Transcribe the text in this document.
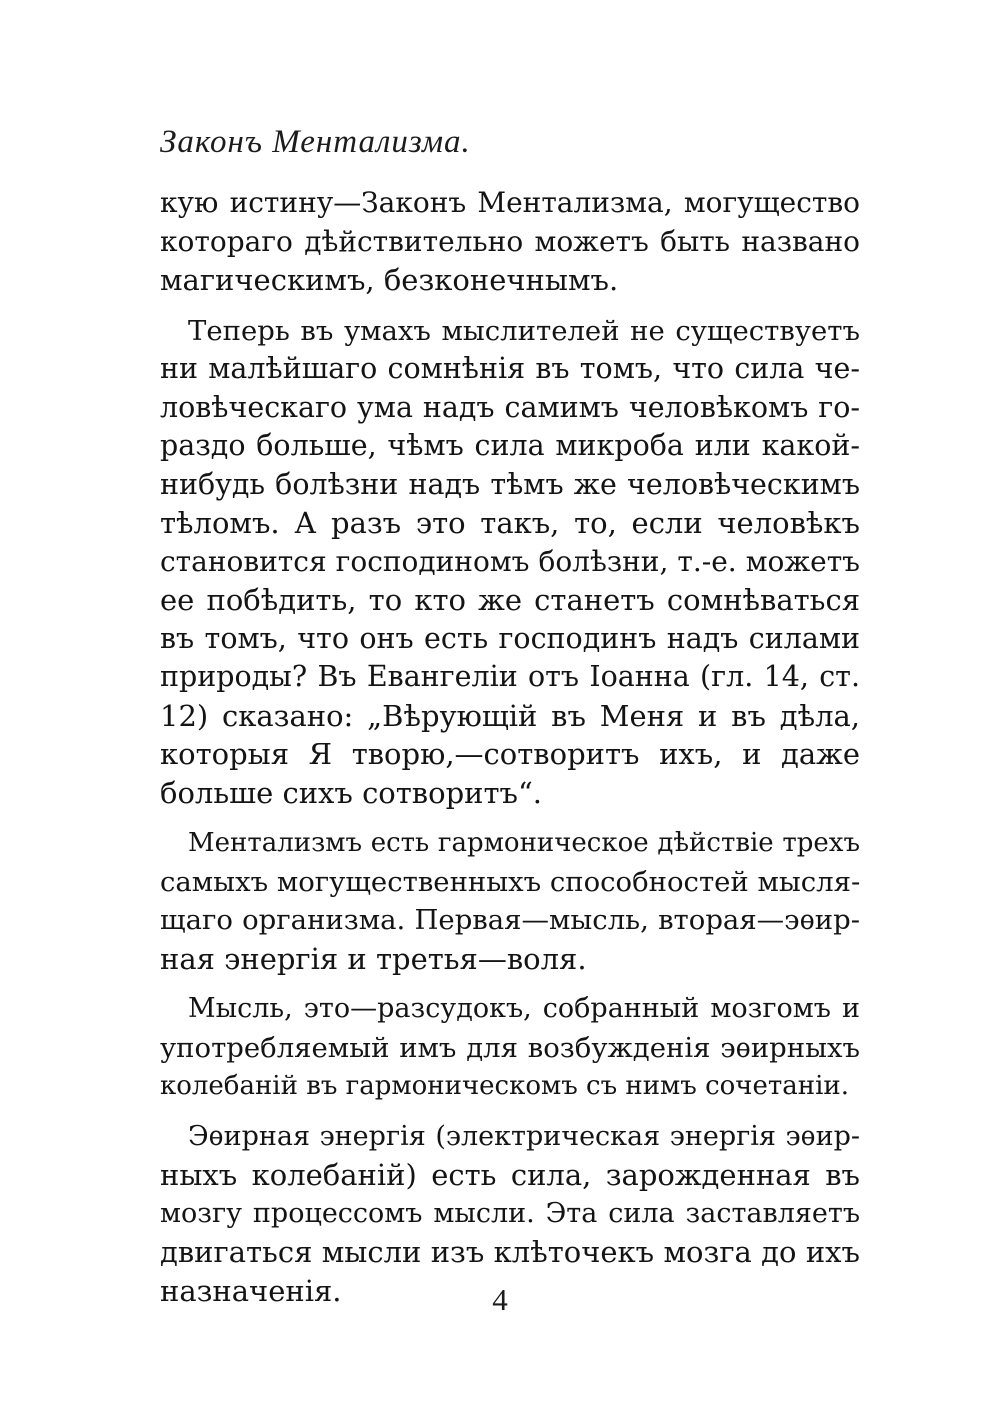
Законъ Ментализма.
кую истину—Законъ Ментализма, могущество
котораго дѣйствительно можетъ быть названо
магическимъ, безконечнымъ.
Теперь въ умахъ мыслителей не существуетъ
ни малѣйшаго сомнѣнія въ томъ, что сила че-
ловѣческаго ума надъ самимъ человѣкомъ го-
раздо больше, чѣмъ сила микроба или какой-
нибудь болѣзни надъ тѣмъ же человѣческимъ
тѣломъ. А разъ это такъ, то, если человѣкъ
становится господиномъ болѣзни, т.-е. можетъ
ее побѣдить, то кто же станетъ сомнѣваться
въ томъ, что онъ есть господинъ надъ силами
природы? Въ Евангеліи отъ Іоанна (гл. 14, ст.
12) сказано: „Вѣрующій въ Меня и въ дѣла,
которыя Я творю,—сотворитъ ихъ, и даже
больше сихъ сотворитъ“.
Ментализмъ есть гармоническое дѣйствіе трехъ
самыхъ могущественныхъ способностей мысля-
щаго организма. Первая—мысль, вторая—эѳир-
ная энергія и третья—воля.
Мысль, это—разсудокъ, собранный мозгомъ и
употребляемый имъ для возбужденія эѳирныхъ
колебаній въ гармоническомъ съ нимъ сочетаніи.
Эѳирная энергія (электрическая энергія эѳир-
ныхъ колебаній) есть сила, зарожденная въ
мозгу процессомъ мысли. Эта сила заставляетъ
двигаться мысли изъ клѣточекъ мозга до ихъ
назначенія.	4
